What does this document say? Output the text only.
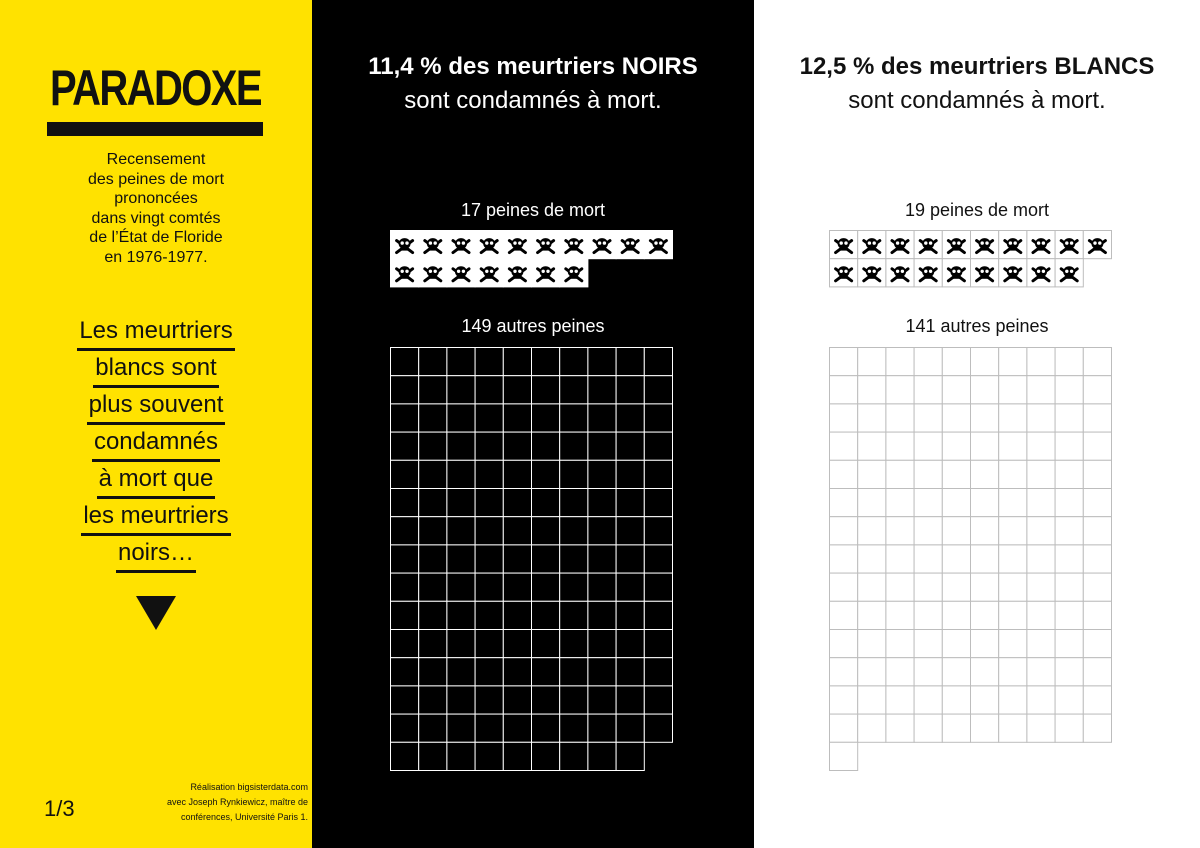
PARADOXE
Recensement
des peines de mort
prononcées
dans vingt comtés
de l’État de Floride
en 1976-1977.
Les meurtriers
blancs sont
plus souvent
condamnés
à mort que
les meurtriers
noirs…
1/3
Réalisation bigsisterdata.com
avec Joseph Rynkiewicz, maître de
conférences, Université Paris 1.
11,4 % des meurtriers NOIRS
sont condamnés à mort.
17 peines de mort
149 autres peines
12,5 % des meurtriers BLANCS
sont condamnés à mort.
19 peines de mort
141 autres peines
